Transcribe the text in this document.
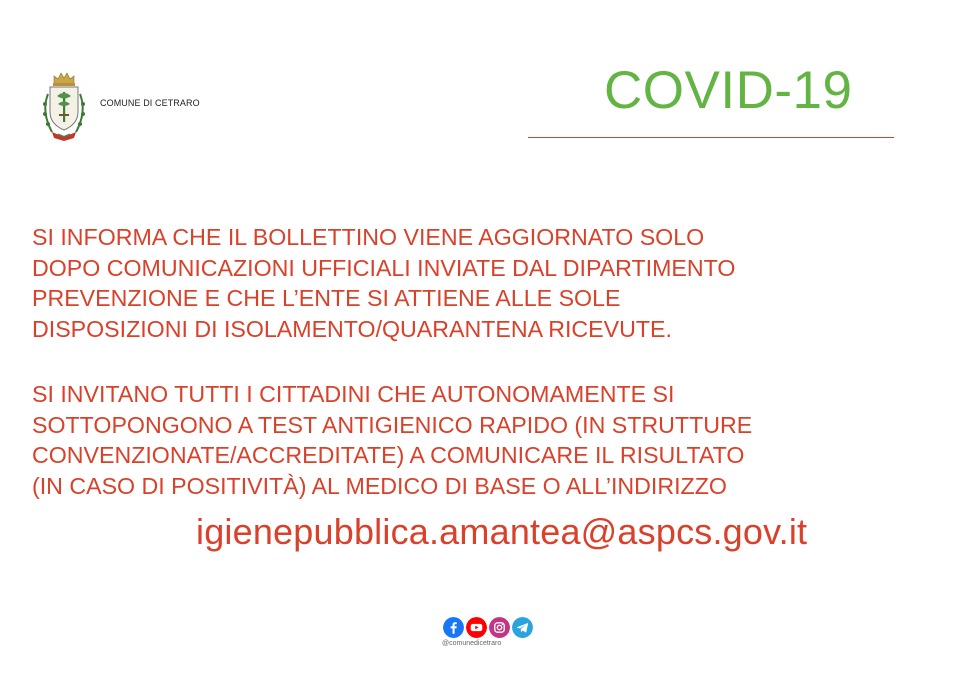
COMUNE DI CETRARO	COVID-19
SI INFORMA CHE IL BOLLETTINO VIENE AGGIORNATO SOLO
DOPO COMUNICAZIONI UFFICIALI INVIATE DAL DIPARTIMENTO
PREVENZIONE E CHE L’ENTE SI ATTIENE ALLE SOLE
DISPOSIZIONI DI ISOLAMENTO/QUARANTENA RICEVUTE.
SI INVITANO TUTTI I CITTADINI CHE AUTONOMAMENTE SI
SOTTOPONGONO A TEST ANTIGIENICO RAPIDO (IN STRUTTURE
CONVENZIONATE/ACCREDITATE) A COMUNICARE IL RISULTATO
(IN CASO DI POSITIVITÀ) AL MEDICO DI BASE O ALL’INDIRIZZO
igienepubblica.amantea@aspcs.gov.it
@comunedicetraro
